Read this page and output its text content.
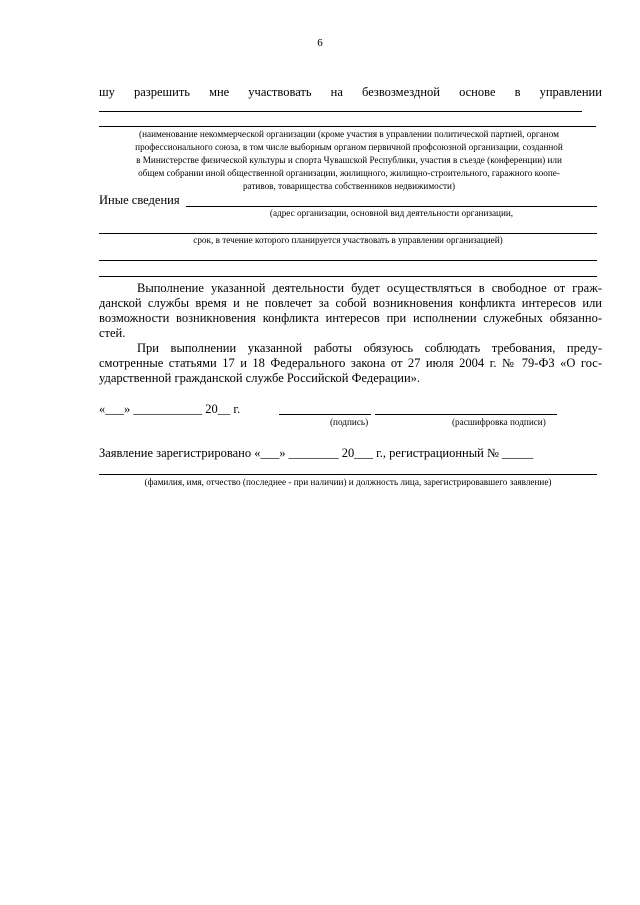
6
шу разрешить мне участвовать на безвозмездной основе в управлении
(наименование некоммерческой организации (кроме участия в управлении политической партией, органом
профессионального союза, в том числе выборным органом первичной профсоюзной организации, созданной
в Министерстве физической культуры и спорта Чувашской Республики, участия в съезде (конференции) или
общем собрании иной общественной организации, жилищного, жилищно-строительного, гаражного коопе-
ративов, товарищества собственников недвижимости)
Иные сведения
(адрес организации, основной вид деятельности организации,
срок, в течение которого планируется участвовать в управлении организацией)
Выполнение указанной деятельности будет осуществляться в свободное от граж-
данской службы время и не повлечет за собой возникновения конфликта интересов или
возможности возникновения конфликта интересов при исполнении служебных обязанно-
стей.
При выполнении указанной работы обязуюсь соблюдать требования, преду-
смотренные статьями 17 и 18 Федерального закона от 27 июля 2004 г. № 79-ФЗ «О гос-
ударственной гражданской службе Российской Федерации».
«___» ___________ 20__ г.
(подпись)	(расшифровка подписи)
Заявление зарегистрировано «___» ________ 20___ г., регистрационный № _____
(фамилия, имя, отчество (последнее - при наличии) и должность лица, зарегистрировавшего заявление)
